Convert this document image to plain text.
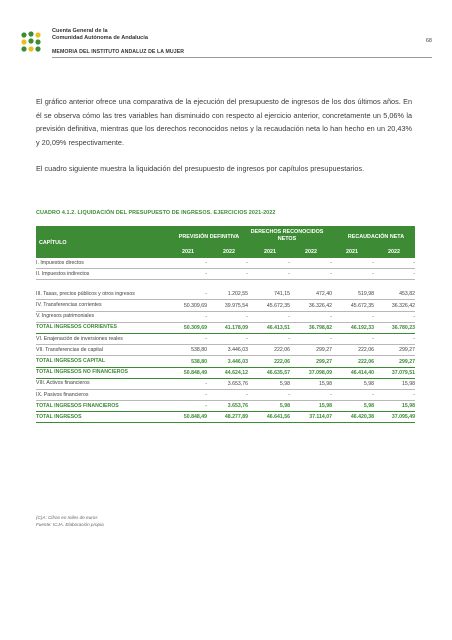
Cuenta General de la
Comunidad Autónoma de Andalucía
MEMORIA DEL INSTITUTO ANDALUZ DE LA MUJER
68

El gráfico anterior ofrece una comparativa de la ejecución del presupuesto de ingresos de los dos últimos años. En él se observa cómo las tres variables han disminuido con respecto al ejercicio anterior, concretamente un 5,06% la previsión definitiva, mientras que los derechos reconocidos netos y la recaudación neta lo han hecho en un 20,43% y 20,09% respectivamente.

El cuadro siguiente muestra la liquidación del presupuesto de ingresos por capítulos presupuestarios.

CUADRO 4.1.2. LIQUIDACIÓN DEL PRESUPUESTO DE INGRESOS. EJERCICIOS 2021-2022
CAPÍTULO
PREVISIÓN DEFINITIVA
DERECHOS RECONOCIDOS NETOS	RECAUDACIÓN NETA
2021	2022	2021	2022	2021	2022
I. Impuestos directos	-	-	-	-	-	-
II. Impuestos indirectos	-	-	-	-	-	-
III. Tasas, precios públicos y otros ingresos	-	1.202,55	741,15	472,40	519,98	453,82
IV. Transferencias corrientes	50.309,69	39.975,54	45.672,35	36.326,42	45.672,35	36.326,42
V. Ingresos patrimoniales	-	-	-	-	-	-
TOTAL INGRESOS CORRIENTES	50.309,69	41.178,09	46.413,51	36.798,82	46.192,33	36.780,23
VI. Enajenación de inversiones reales	-	-	-	-	-	-
VII. Transferencias de capital	538,80	3.446,03	222,06	299,27	222,06	299,27
TOTAL INGRESOS CAPITAL	538,80	3.446,03	222,06	299,27	222,06	299,27
TOTAL INGRESOS NO FINANCIEROS	50.848,49	44.624,12	46.635,57	37.098,09	46.414,40	37.079,51
VIII. Activos financieros	-	3.653,76	5,98	15,98	5,98	15,98
IX. Pasivos financieros	-	-	-	-	-	-
TOTAL INGRESOS FINANCIEROS	-	3.653,76	5,98	15,98	5,98	15,98
TOTAL INGRESOS	50.848,49	48.277,89	46.641,56	37.114,07	46.420,38	37.095,49
(C)A: Cifras en miles de euros
Fuente: ICJA. Elaboración propia
